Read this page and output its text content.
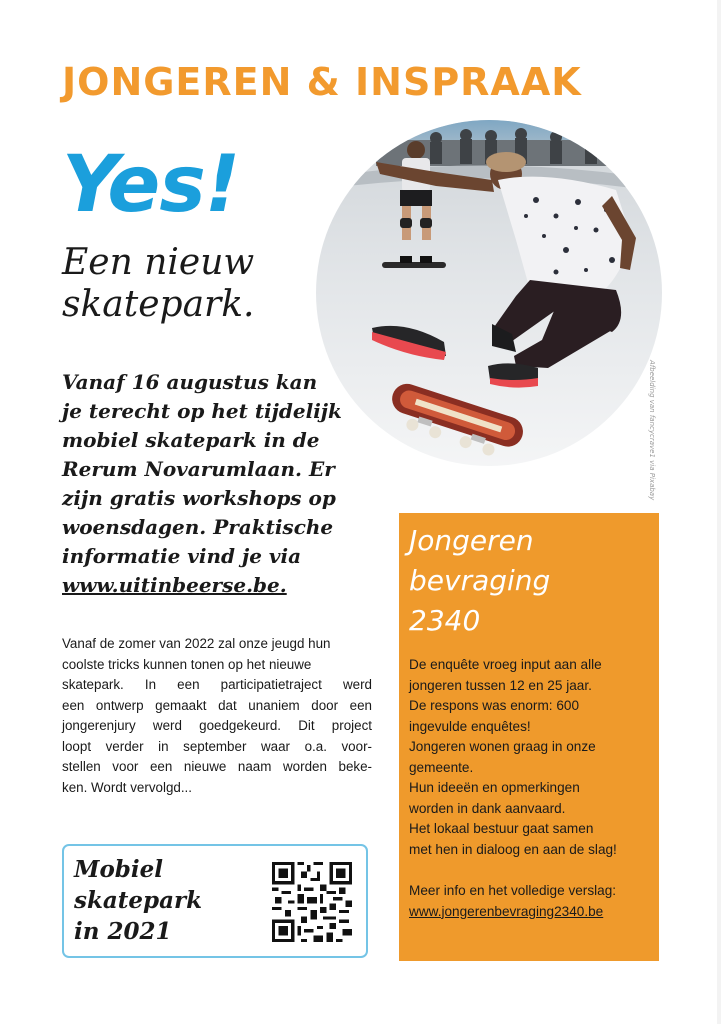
JONGEREN & INSPRAAK
Yes!
Een nieuw
skatepark.
Afbeelding van fancycrave1 via Pixabay
Vanaf 16 augustus kan
je terecht op het tijdelijk
mobiel skatepark in de
Rerum Novarumlaan. Er
zijn gratis workshops op
woensdagen. Praktische
informatie vind je via
www.uitinbeerse.be.
Vanaf de zomer van 2022 zal onze jeugd hun
coolste tricks kunnen tonen op het nieuwe
skatepark. In een participatietraject werd
een ontwerp gemaakt dat unaniem door een
jongerenjury werd goedgekeurd. Dit project
loopt verder in september waar o.a. voor-
stellen voor een nieuwe naam worden beke-
ken. Wordt vervolgd...
Mobiel
skatepark
in 2021
Jongeren
bevraging
2340
De enquête vroeg input aan alle
jongeren tussen 12 en 25 jaar.
De respons was enorm: 600
ingevulde enquêtes!
Jongeren wonen graag in onze
gemeente.
Hun ideeën en opmerkingen
worden in dank aanvaard.
Het lokaal bestuur gaat samen
met hen in dialoog en aan de slag!
Meer info en het volledige verslag:
www.jongerenbevraging2340.be
